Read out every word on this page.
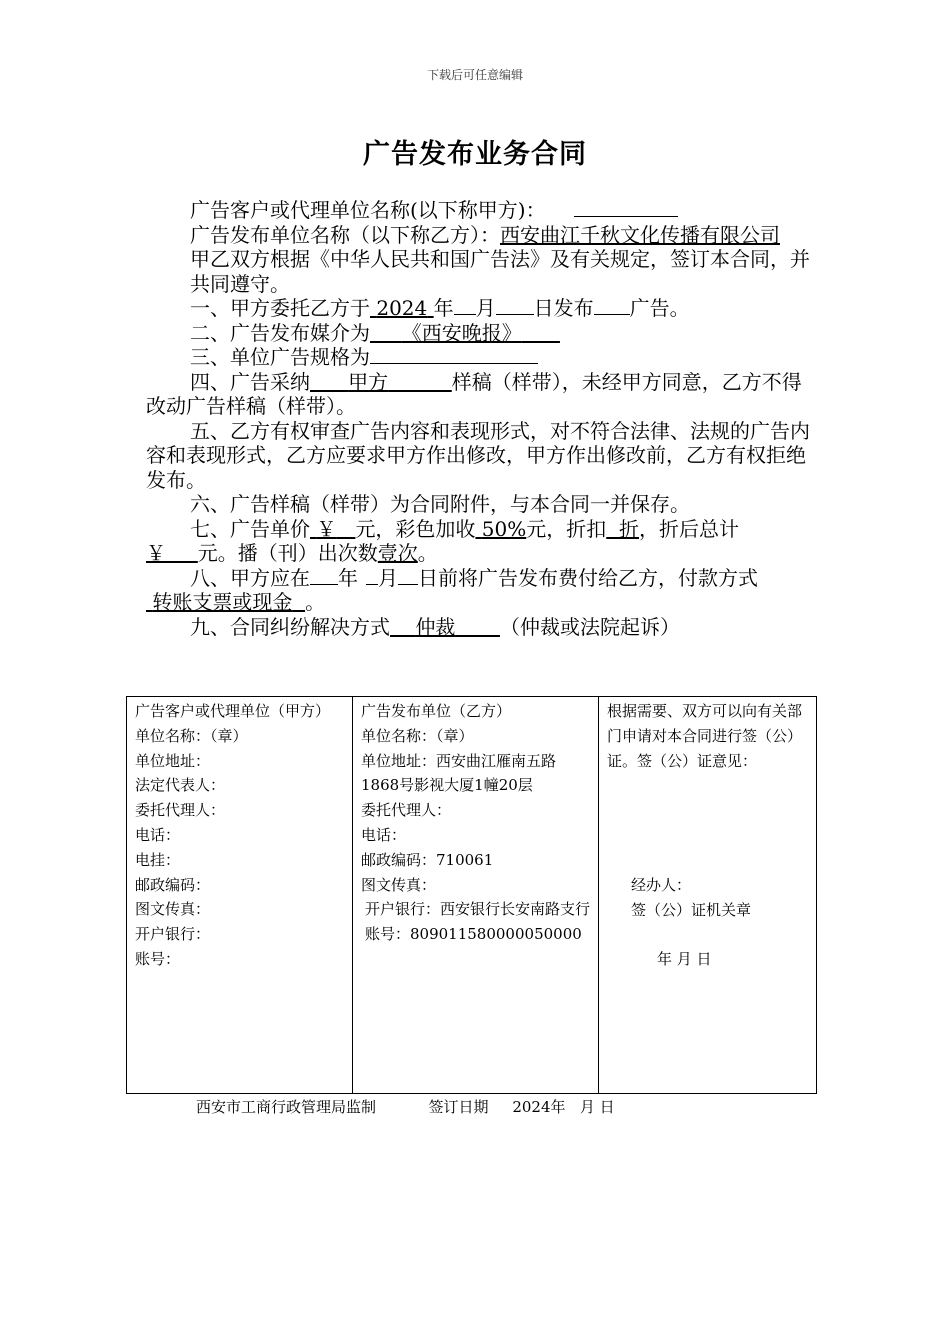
下载后可任意编辑
广告发布业务合同

广告客户或代理单位名称(以下称甲方)：

广告发布单位名称（以下称乙方）：西安曲江千秋文化传播有限公司

甲乙双方根据《中华人民共和国广告法》及有关规定，签订本合同，并共同遵守。

一、甲方委托乙方于 2024 年 月 日发布 广告。

二、广告发布媒介为 《西安晚报》

三、单位广告规格为

四、广告采纳 甲方	样稿（样带），未经甲方同意，乙方不得改动广告样稿（样带）。

五、乙方有权审查广告内容和表现形式，对不符合法律、法规的广告内容和表现形式，乙方应要求甲方作出修改，甲方作出修改前，乙方有权拒绝发布。

六、广告样稿（样带）为合同附件，与本合同一并保存。

七、广告单价 ￥ 元，彩色加收 50%元，折扣 折，折后总计￥ 元。播（刊）出次数壹次。

八、甲方应在 年 月 日前将广告发布费付给乙方，付款方式 转账支票或现金 。

九、合同纠纷解决方式 仲裁 （仲裁或法院起诉）

广告客户或代理单位（甲方）
单位名称：（章）
单位地址：
法定代表人：
委托代理人：
电话：
电挂：
邮政编码：
图文传真：
开户银行：
账号：

广告发布单位（乙方）
单位名称：（章）
单位地址：西安曲江雁南五路1868号影视大厦1幢20层
委托代理人：
电话：
邮政编码：710061
图文传真：
开户银行：西安银行长安南路支行
账号：809011580000050000

根据需要、双方可以向有关部门申请对本合同进行签（公）证。签（公）证意见：
经办人：
签（公）证机关章
年 月 日
西安市工商行政管理局监制	签订日期 2024年 月 日
